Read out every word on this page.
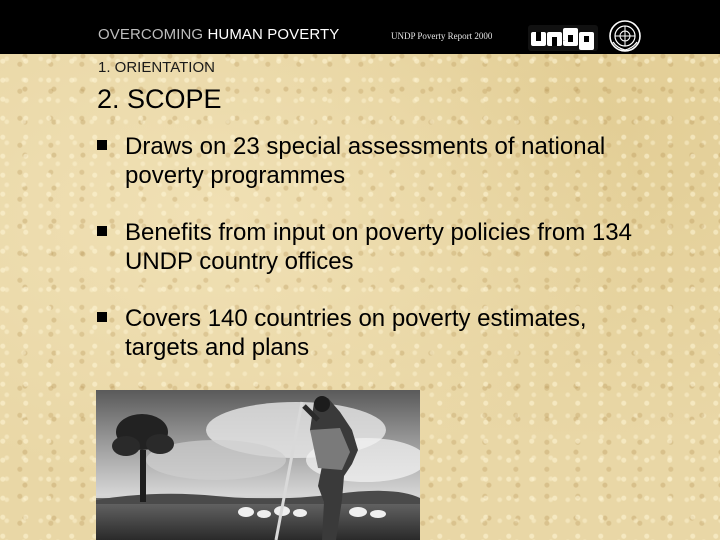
OVERCOMING HUMAN POVERTY	UNDP Poverty Report 2000
undp
1. ORIENTATION
2. SCOPE
Draws on 23 special assessments of national poverty programmes
Benefits from input on poverty policies from 134 UNDP country offices
Covers 140 countries on poverty estimates, targets and plans
